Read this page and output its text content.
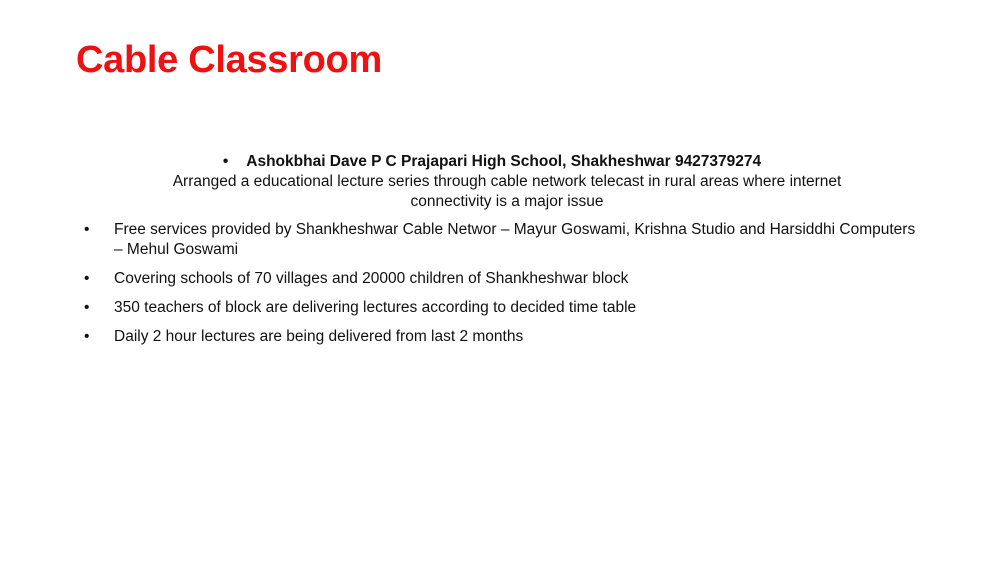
Cable Classroom
• Ashokbhai Dave P C Prajapari High School, Shakheshwar 9427379274
Arranged a educational lecture series through cable network telecast in rural areas where internet connectivity is a major issue
• Free services provided by Shankheshwar Cable Networ – Mayur Goswami, Krishna Studio and Harsiddhi Computers – Mehul Goswami
• Covering schools of 70 villages and 20000 children of Shankheshwar block
• 350 teachers of block are delivering lectures according to decided time table
• Daily 2 hour lectures are being delivered from last 2 months
